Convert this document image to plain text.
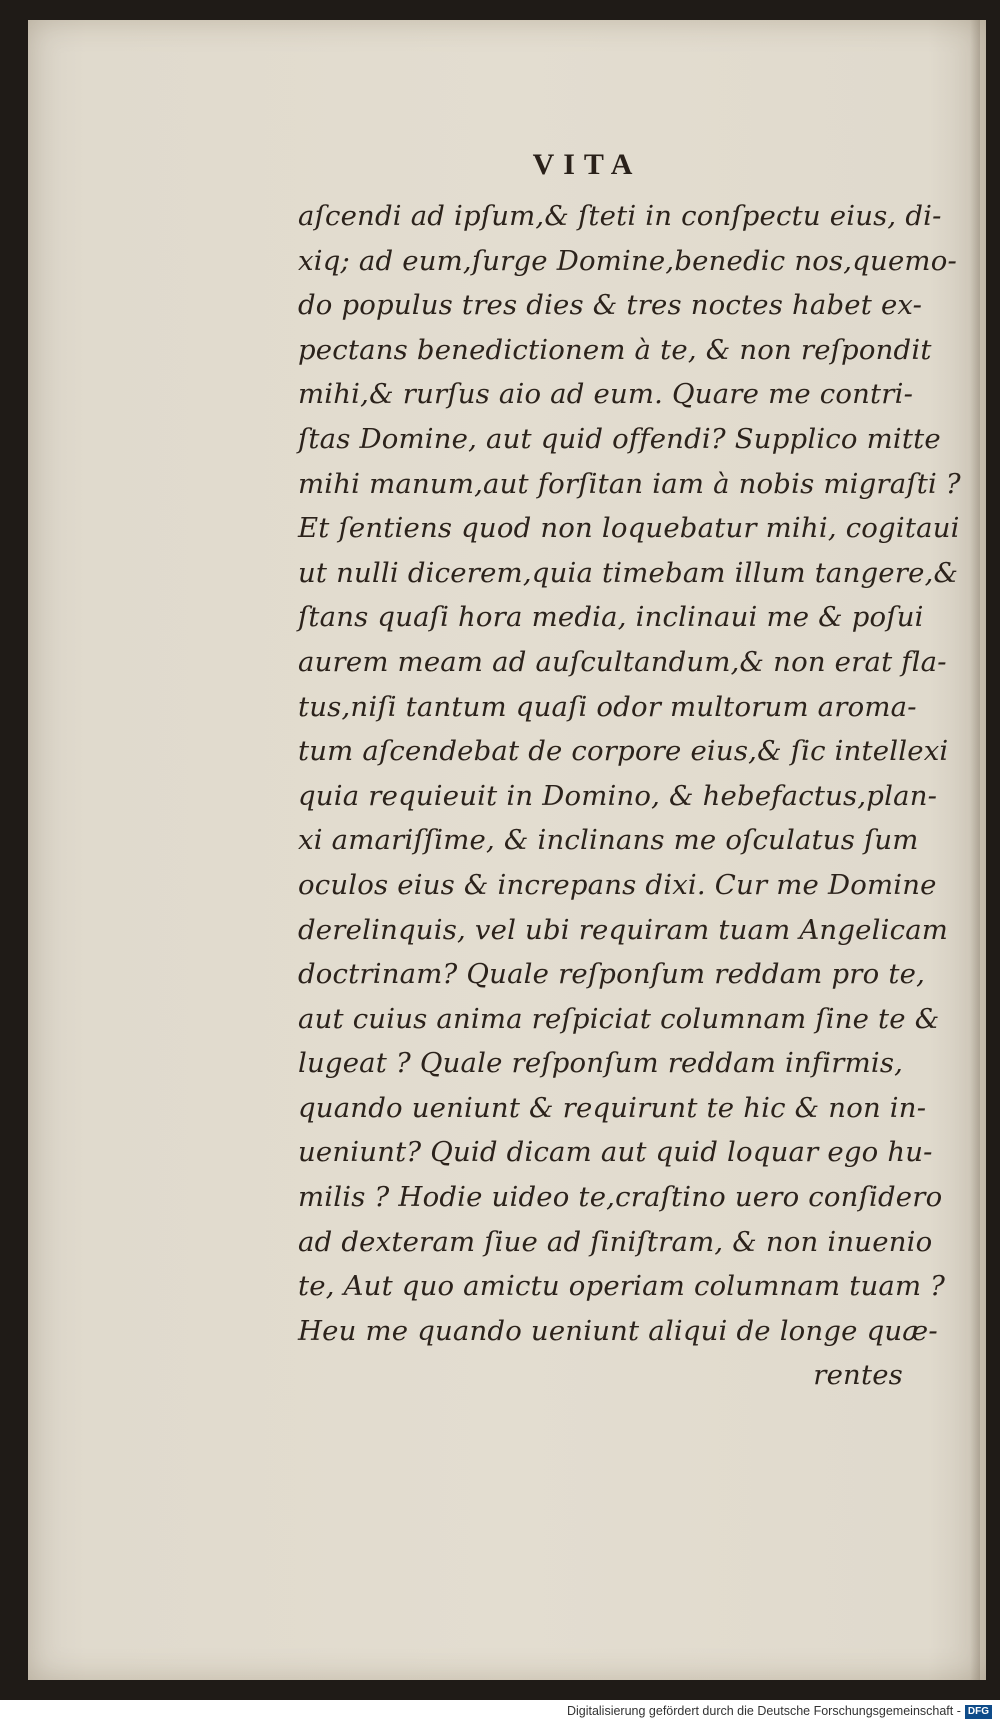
VITA
aſcendi ad ipſum,& ſteti in conſpectu eius, di-
xiq; ad eum,ſurge Domine,benedic nos,quemo-
do populus tres dies & tres noctes habet ex-
pectans benedictionem à te, & non reſpondit
mihi,& rurſus aio ad eum. Quare me contri-
ſtas Domine, aut quid offendi? Supplico mitte
mihi manum,aut forſitan iam à nobis migraſti ?
Et ſentiens quod non loquebatur mihi, cogitaui
ut nulli dicerem,quia timebam illum tangere,&
ſtans quaſi hora media, inclinaui me & poſui
aurem meam ad auſcultandum,& non erat fla-
tus,niſi tantum quaſi odor multorum aroma-
tum aſcendebat de corpore eius,& ſic intellexi
quia requieuit in Domino, & hebefactus,plan-
xi amariſſime, & inclinans me oſculatus ſum
oculos eius & increpans dixi. Cur me Domine
derelinquis, vel ubi requiram tuam Angelicam
doctrinam? Quale reſponſum reddam pro te,
aut cuius anima reſpiciat columnam ſine te &
lugeat ? Quale reſponſum reddam infirmis,
quando ueniunt & requirunt te hic & non in-
ueniunt? Quid dicam aut quid loquar ego hu-
milis ? Hodie uideo te,craſtino uero conſidero
ad dexteram ſiue ad ſiniſtram, & non inuenio
te, Aut quo amictu operiam columnam tuam ?
Heu me quando ueniunt aliqui de longe quæ-
rentes
Digitalisierung gefördert durch die Deutsche Forschungsgemeinschaft - DFG
